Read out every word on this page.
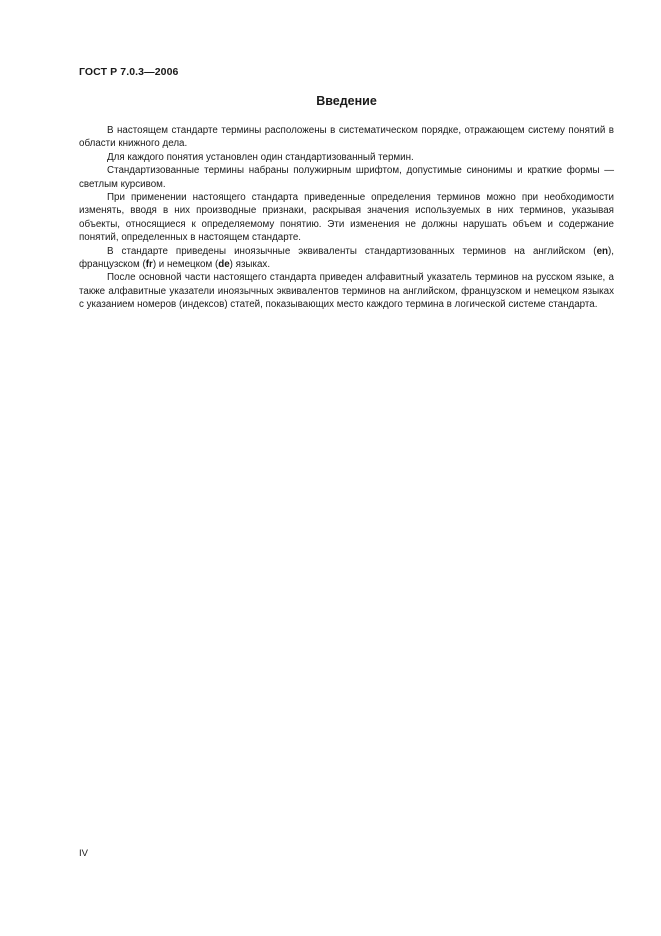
ГОСТ Р 7.0.3—2006
Введение

В настоящем стандарте термины расположены в систематическом порядке, отражающем систему понятий в области книжного дела.

Для каждого понятия установлен один стандартизованный термин.

Стандартизованные термины набраны полужирным шрифтом, допустимые синонимы и краткие формы — светлым курсивом.

При применении настоящего стандарта приведенные определения терминов можно при необходимости изменять, вводя в них производные признаки, раскрывая значения используемых в них терминов, указывая объекты, относящиеся к определяемому понятию. Эти изменения не должны нарушать объем и содержание понятий, определенных в настоящем стандарте.

В стандарте приведены иноязычные эквиваленты стандартизованных терминов на английском (en), французском (fr) и немецком (de) языках.

После основной части настоящего стандарта приведен алфавитный указатель терминов на русском языке, а также алфавитные указатели иноязычных эквивалентов терминов на английском, французском и немецком языках с указанием номеров (индексов) статей, показывающих место каждого термина в логической системе стандарта.

IV
